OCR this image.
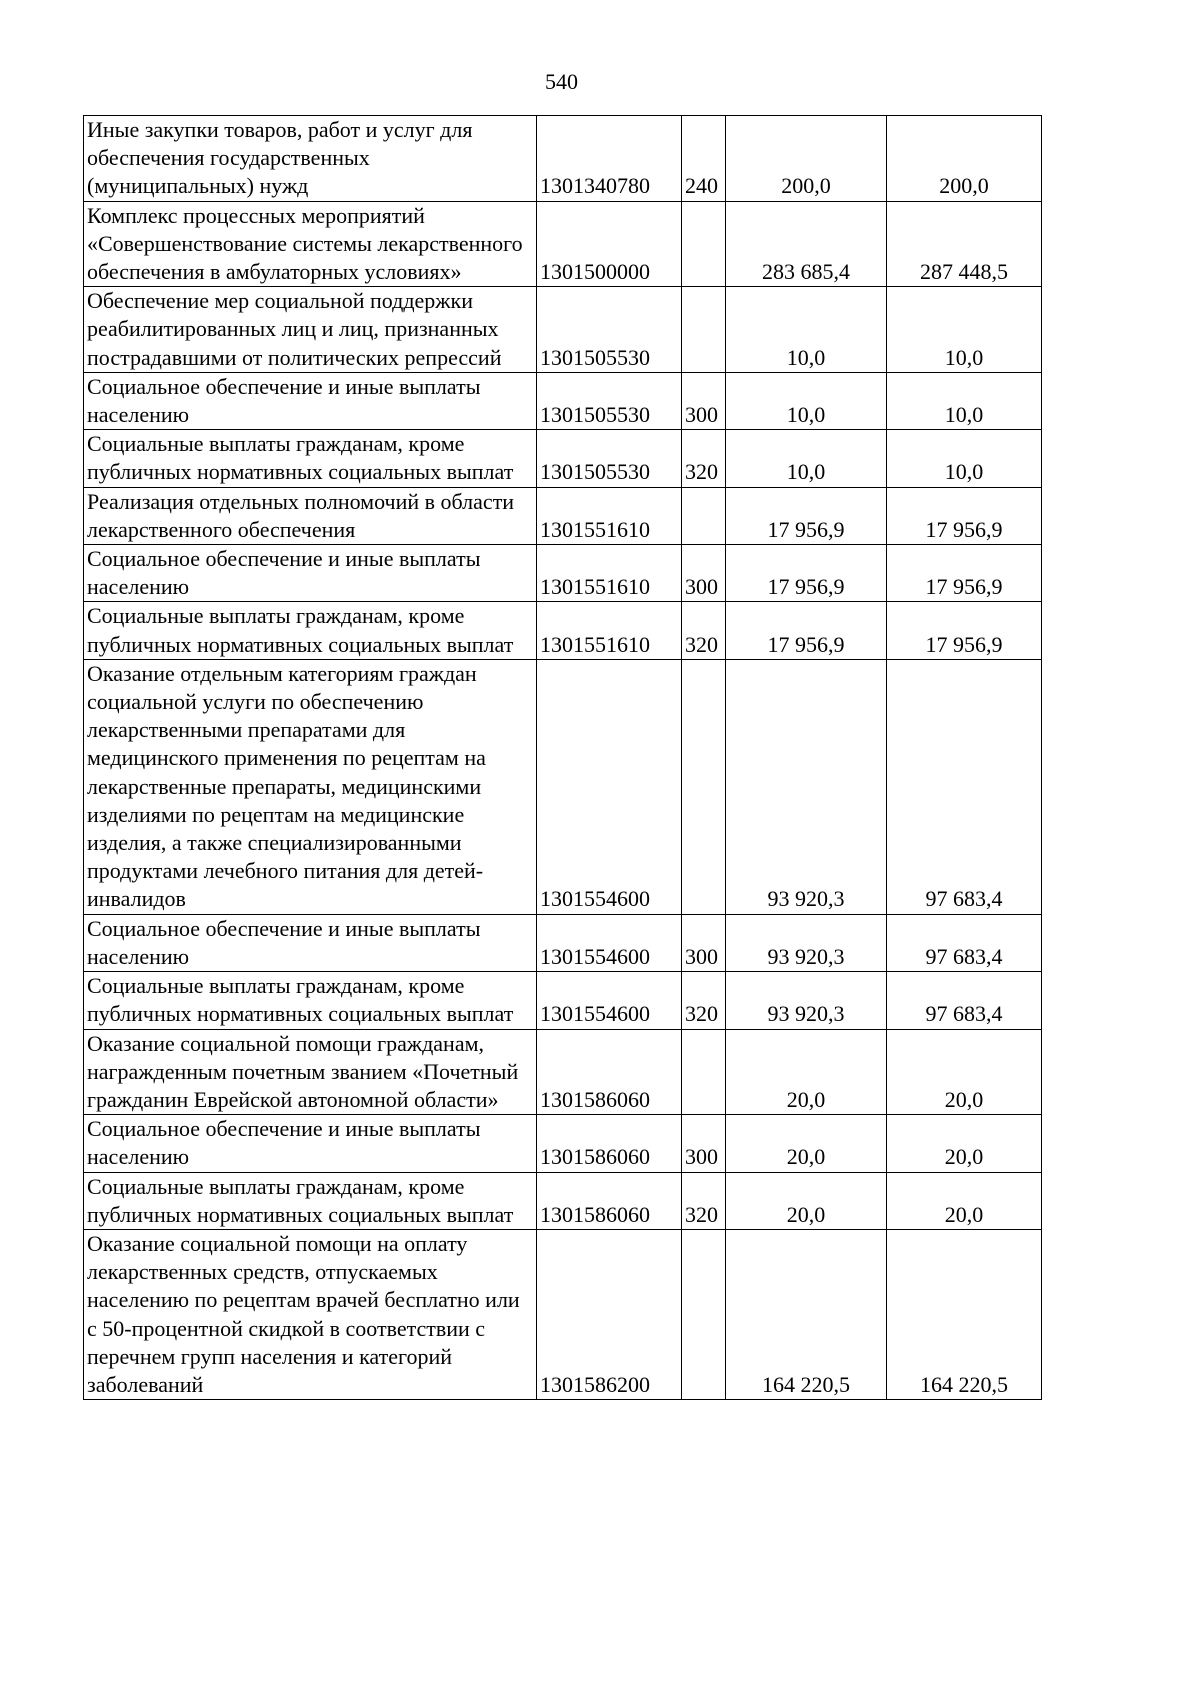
540
Иные закупки товаров, работ и услуг для обеспечения государственных (муниципальных) нужд	1301340780	240	200,0	200,0
Комплекс процессных мероприятий «Совершенствование системы лекарственного обеспечения в амбулаторных условиях»	1301500000		283 685,4	287 448,5
Обеспечение мер социальной поддержки реабилитированных лиц и лиц, признанных пострадавшими от политических репрессий	1301505530		10,0	10,0
Социальное обеспечение и иные выплаты населению	1301505530	300	10,0	10,0
Социальные выплаты гражданам, кроме публичных нормативных социальных выплат	1301505530	320	10,0	10,0
Реализация отдельных полномочий в области лекарственного обеспечения	1301551610		17 956,9	17 956,9
Социальное обеспечение и иные выплаты населению	1301551610	300	17 956,9	17 956,9
Социальные выплаты гражданам, кроме публичных нормативных социальных выплат	1301551610	320	17 956,9	17 956,9
Оказание отдельным категориям граждан социальной услуги по обеспечению лекарственными препаратами для медицинского применения по рецептам на лекарственные препараты, медицинскими изделиями по рецептам на медицинские изделия, а также специализированными продуктами лечебного питания для детей-инвалидов	1301554600		93 920,3	97 683,4
Социальное обеспечение и иные выплаты населению	1301554600	300	93 920,3	97 683,4
Социальные выплаты гражданам, кроме публичных нормативных социальных выплат	1301554600	320	93 920,3	97 683,4
Оказание социальной помощи гражданам, награжденным почетным званием «Почетный гражданин Еврейской автономной области»	1301586060		20,0	20,0
Социальное обеспечение и иные выплаты населению	1301586060	300	20,0	20,0
Социальные выплаты гражданам, кроме публичных нормативных социальных выплат	1301586060	320	20,0	20,0
Оказание социальной помощи на оплату лекарственных средств, отпускаемых населению по рецептам врачей бесплатно или с 50-процентной скидкой в соответствии с перечнем групп населения и категорий заболеваний	1301586200		164 220,5	164 220,5
